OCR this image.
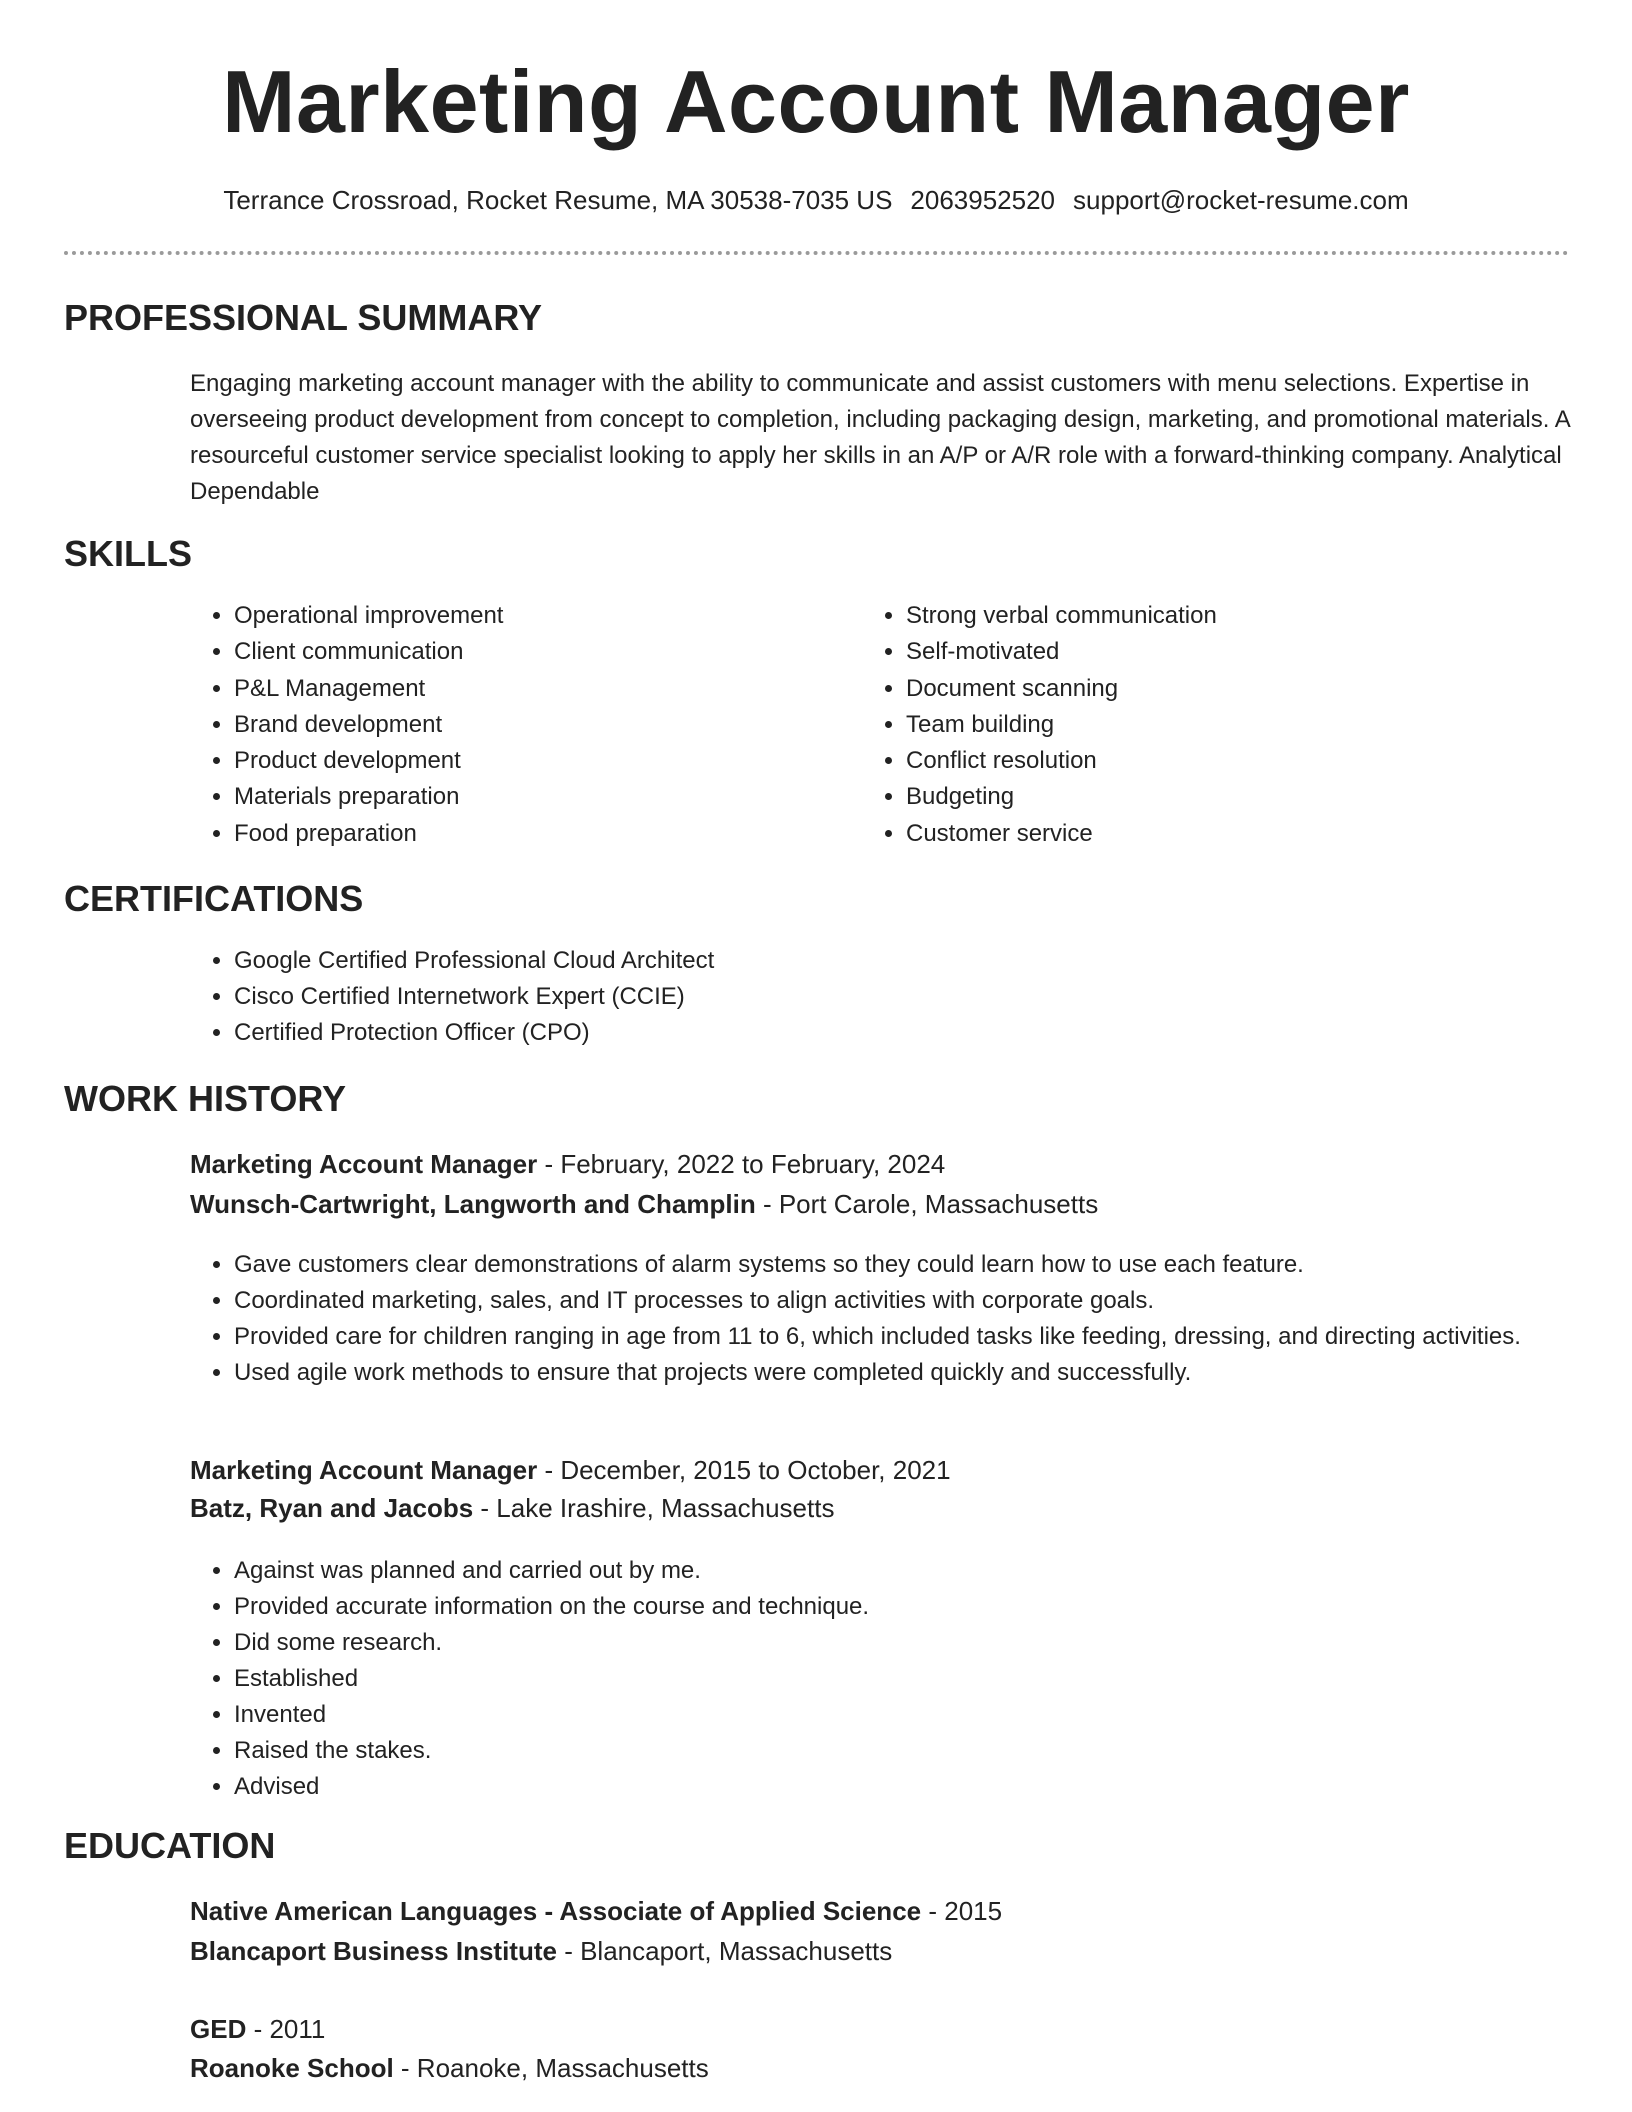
Marketing Account Manager
Terrance Crossroad, Rocket Resume, MA 30538-7035 US 2063952520 support@rocket-resume.com
PROFESSIONAL SUMMARY

Engaging marketing account manager with the ability to communicate and assist customers with menu selections. Expertise in overseeing product development from concept to completion, including packaging design, marketing, and promotional materials. A resourceful customer service specialist looking to apply her skills in an A/P or A/R role with a forward-thinking company. Analytical Dependable

SKILLS
• Operational improvement
• Client communication
• P&L Management
• Brand development
• Product development
• Materials preparation
• Food preparation
• Strong verbal communication
• Self-motivated
• Document scanning
• Team building
• Conflict resolution
• Budgeting
• Customer service
CERTIFICATIONS
• Google Certified Professional Cloud Architect
• Cisco Certified Internetwork Expert (CCIE)
• Certified Protection Officer (CPO)
WORK HISTORY
Marketing Account Manager - February, 2022 to February, 2024
Wunsch-Cartwright, Langworth and Champlin - Port Carole, Massachusetts
• Gave customers clear demonstrations of alarm systems so they could learn how to use each feature.
• Coordinated marketing, sales, and IT processes to align activities with corporate goals.
• Provided care for children ranging in age from 11 to 6, which included tasks like feeding, dressing, and directing activities.
• Used agile work methods to ensure that projects were completed quickly and successfully.
Marketing Account Manager - December, 2015 to October, 2021
Batz, Ryan and Jacobs - Lake Irashire, Massachusetts
• Against was planned and carried out by me.
• Provided accurate information on the course and technique.
• Did some research.
• Established
• Invented
• Raised the stakes.
• Advised
EDUCATION
Native American Languages - Associate of Applied Science - 2015
Blancaport Business Institute - Blancaport, Massachusetts
GED - 2011
Roanoke School - Roanoke, Massachusetts
